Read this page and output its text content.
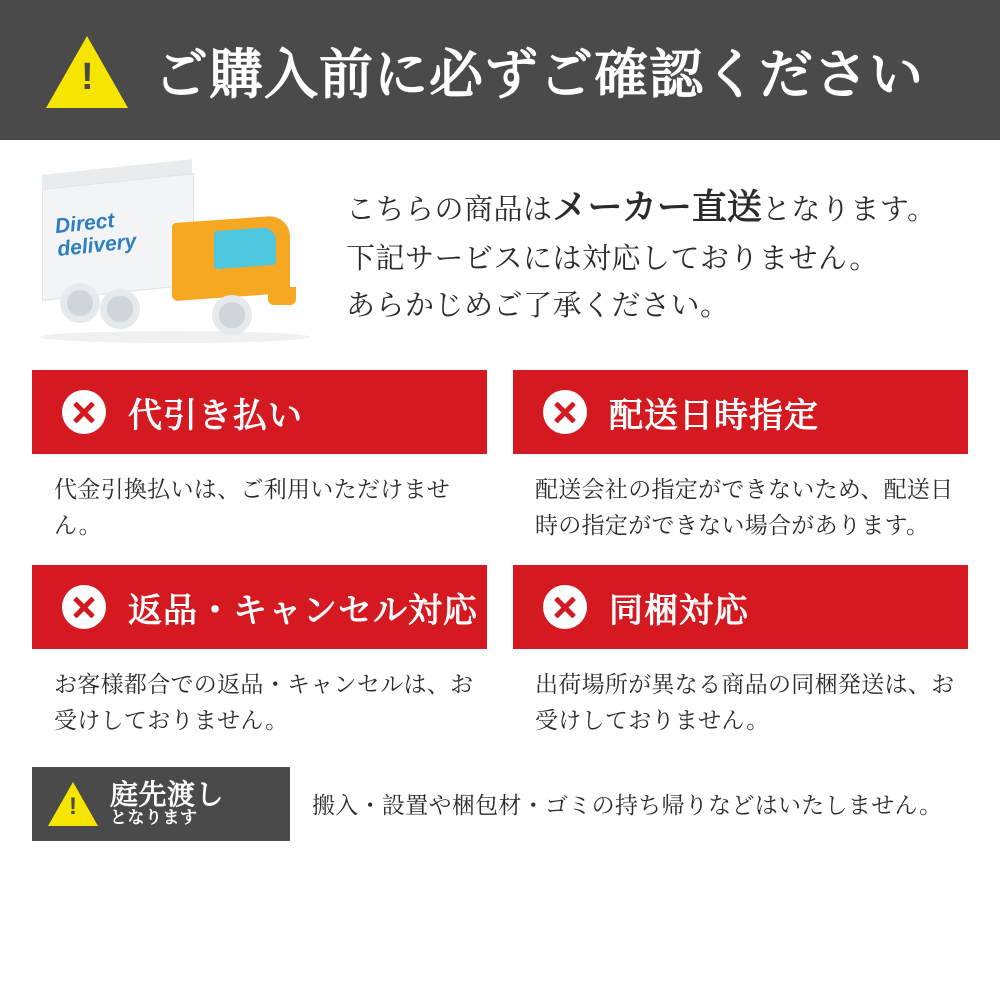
! ご購入前に必ずご確認ください
Direct
delivery
こちらの商品はメーカー直送となります。
下記サービスには対応しておりません。
あらかじめご了承ください。
代引き払い
代金引換払いは、ご利用いただけません。
配送日時指定
配送会社の指定ができないため、配送日時の指定ができない場合があります。
返品・キャンセル対応
お客様都合での返品・キャンセルは、お受けしておりません。
同梱対応
出荷場所が異なる商品の同梱発送は、お受けしておりません。
! 庭先渡し
となります	搬入・設置や梱包材・ゴミの持ち帰りなどはいたしません。
